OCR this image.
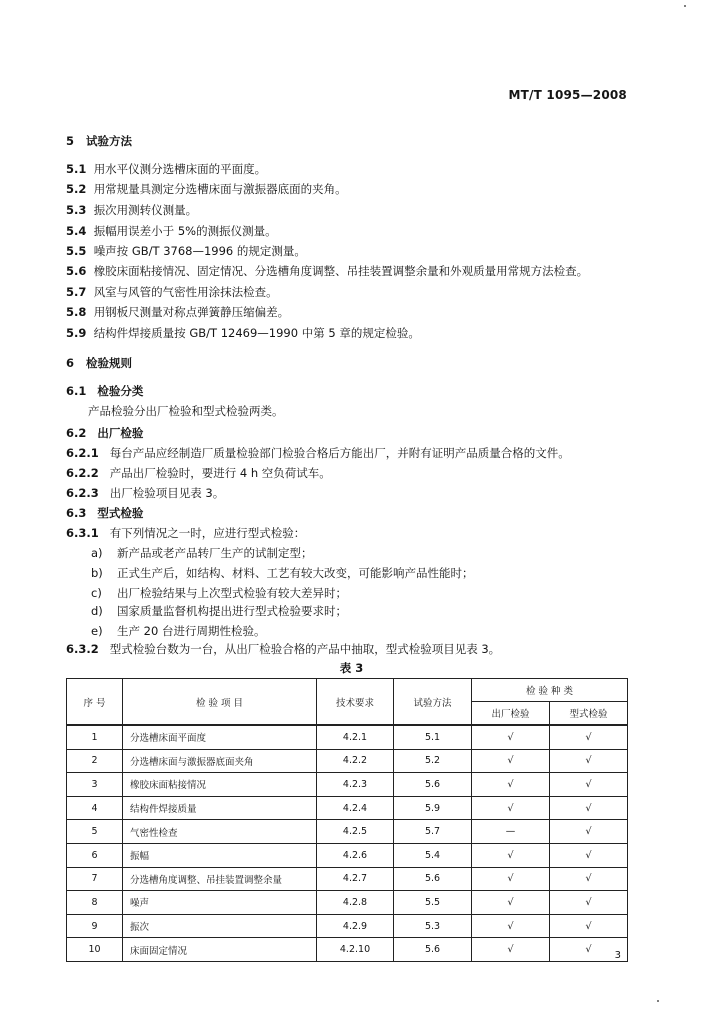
MT/T 1095—2008
5 试验方法
5.1 用水平仪测分选槽床面的平面度。
5.2 用常规量具测定分选槽床面与激振器底面的夹角。
5.3 振次用测转仪测量。
5.4 振幅用误差小于 5%的测振仪测量。
5.5 噪声按 GB/T 3768—1996 的规定测量。
5.6 橡胶床面粘接情况、固定情况、分选槽角度调整、吊挂装置调整余量和外观质量用常规方法检查。
5.7 风室与风管的气密性用涂抹法检查。
5.8 用钢板尺测量对称点弹簧静压缩偏差。
5.9 结构件焊接质量按 GB/T 12469—1990 中第 5 章的规定检验。
6 检验规则
6.1 检验分类
产品检验分出厂检验和型式检验两类。
6.2 出厂检验
6.2.1 每台产品应经制造厂质量检验部门检验合格后方能出厂，并附有证明产品质量合格的文件。
6.2.2 产品出厂检验时，要进行 4 h 空负荷试车。
6.2.3 出厂检验项目见表 3。
6.3 型式检验
6.3.1 有下列情况之一时，应进行型式检验：
a) 新产品或老产品转厂生产的试制定型；
b) 正式生产后，如结构、材料、工艺有较大改变，可能影响产品性能时；
c) 出厂检验结果与上次型式检验有较大差异时；
d) 国家质量监督机构提出进行型式检验要求时；
e) 生产 20 台进行周期性检验。
6.3.2 型式检验台数为一台，从出厂检验合格的产品中抽取，型式检验项目见表 3。
表 3
序 号	检 验 项 目	技术要求	试验方法	检 验 种 类	
				出厂检验	型式检验
1	分选槽床面平面度	4.2.1	5.1	√	√
2	分选槽床面与激振器底面夹角	4.2.2	5.2	√	√
3	橡胶床面粘接情况	4.2.3	5.6	√	√
4	结构件焊接质量	4.2.4	5.9	√	√
5	气密性检查	4.2.5	5.7	—	√
6	振幅	4.2.6	5.4	√	√
7	分选槽角度调整、吊挂装置调整余量	4.2.7	5.6	√	√
8	噪声	4.2.8	5.5	√	√
9	振次	4.2.9	5.3	√	√
10	床面固定情况	4.2.10	5.6	√	√
3
